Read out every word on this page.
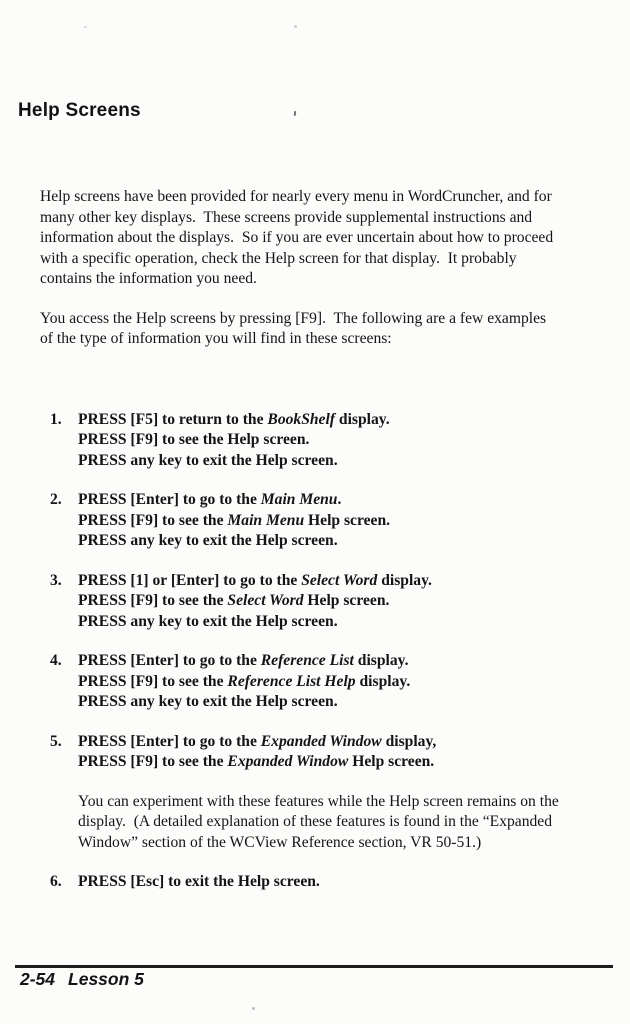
Help Screens

Help screens have been provided for nearly every menu in WordCruncher, and for
many other key displays.  These screens provide supplemental instructions and
information about the displays.  So if you are ever uncertain about how to proceed
with a specific operation, check the Help screen for that display.  It probably
contains the information you need.
You access the Help screens by pressing [F9].  The following are a few examples
of the type of information you will find in these screens:

1.	PRESS [F5] to return to the BookShelf display.
PRESS [F9] to see the Help screen.
PRESS any key to exit the Help screen.
2.	PRESS [Enter] to go to the Main Menu.
PRESS [F9] to see the Main Menu Help screen.
PRESS any key to exit the Help screen.
3.	PRESS [1] or [Enter] to go to the Select Word display.
PRESS [F9] to see the Select Word Help screen.
PRESS any key to exit the Help screen.
4.	PRESS [Enter] to go to the Reference List display.
PRESS [F9] to see the Reference List Help display.
PRESS any key to exit the Help screen.
5.	PRESS [Enter] to go to the Expanded Window display,
PRESS [F9] to see the Expanded Window Help screen.
You can experiment with these features while the Help screen remains on the
display.  (A detailed explanation of these features is found in the “Expanded
Window” section of the WCView Reference section, VR 50-51.)
6.	PRESS [Esc] to exit the Help screen.

2-54 Lesson 5
